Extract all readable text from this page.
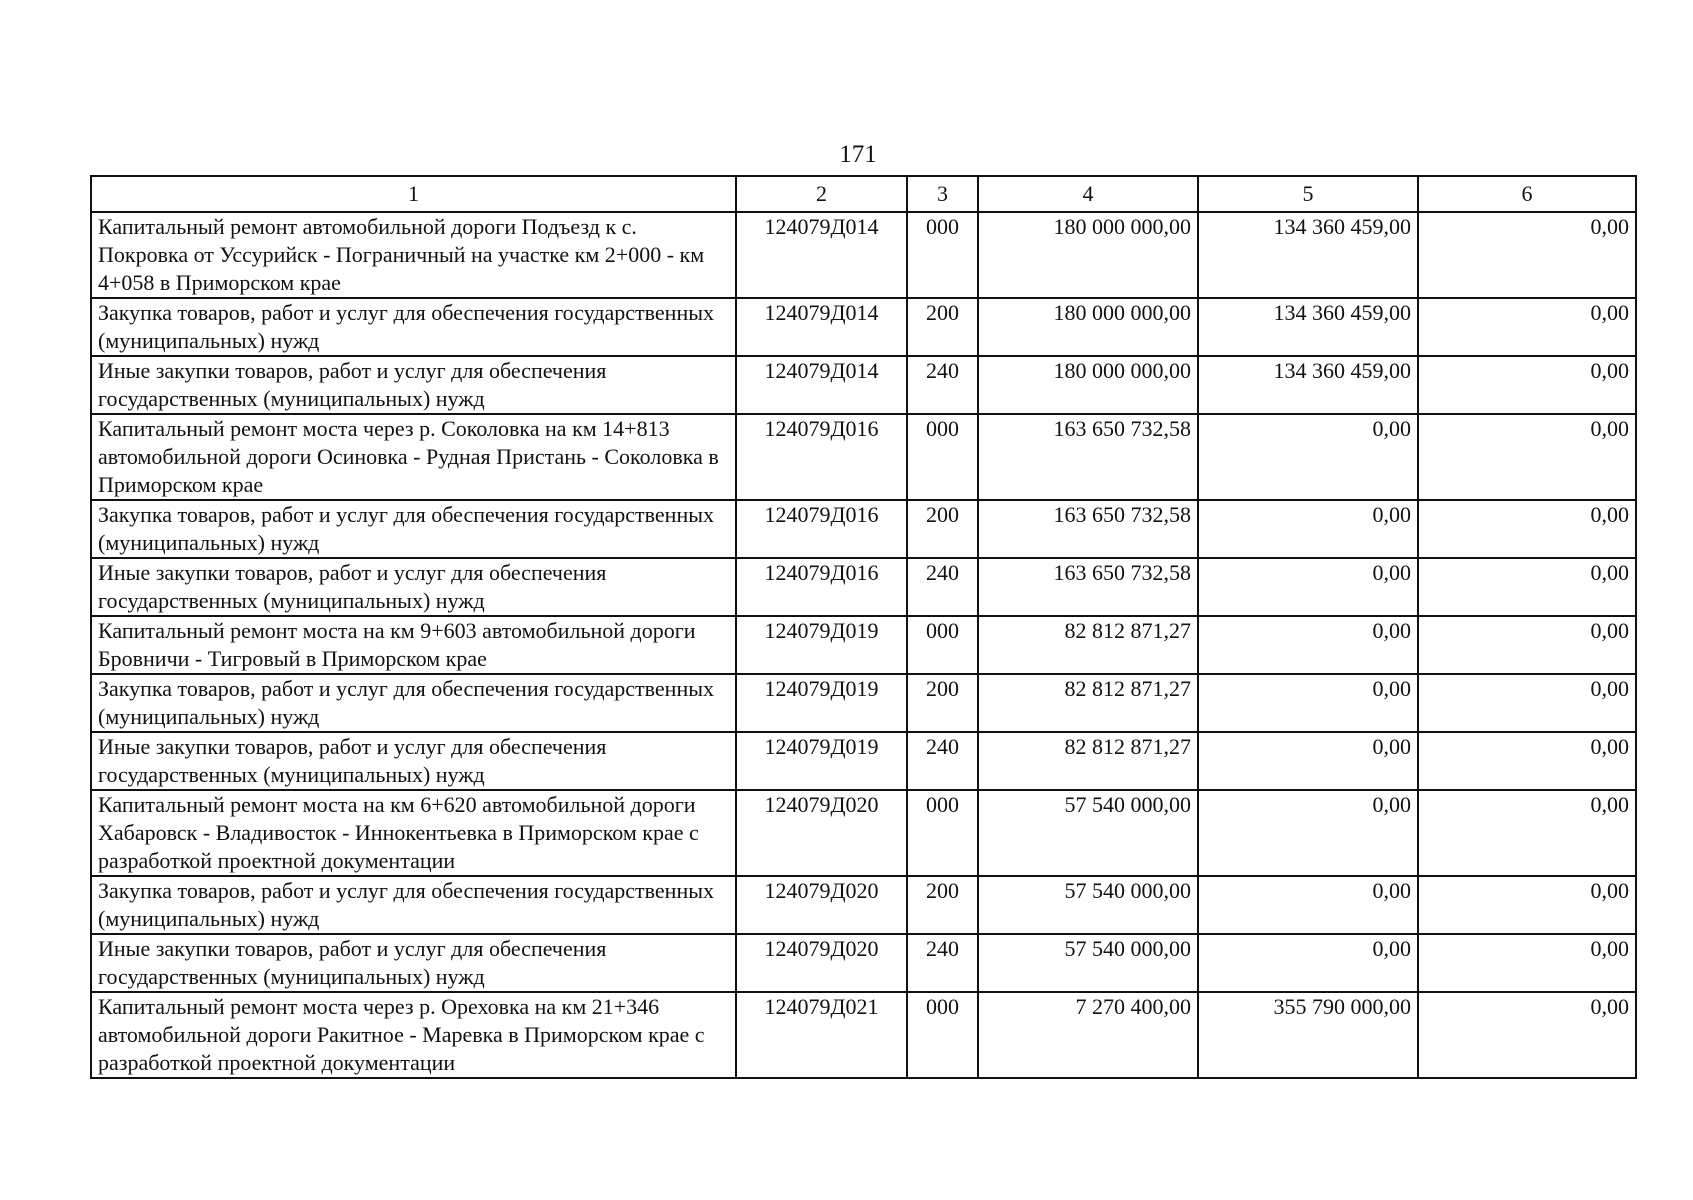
171
1	2	3	4	5	6
Капитальный ремонт автомобильной дороги Подъезд к с. Покровка от Уссурийск - Пограничный на участке км 2+000 - км 4+058 в Приморском крае	124079Д014	000	180 000 000,00	134 360 459,00	0,00
Закупка товаров, работ и услуг для обеспечения государственных (муниципальных) нужд	124079Д014	200	180 000 000,00	134 360 459,00	0,00
Иные закупки товаров, работ и услуг для обеспечения государственных (муниципальных) нужд	124079Д014	240	180 000 000,00	134 360 459,00	0,00
Капитальный ремонт моста через р. Соколовка на км 14+813 автомобильной дороги Осиновка - Рудная Пристань - Соколовка в Приморском крае	124079Д016	000	163 650 732,58	0,00	0,00
Закупка товаров, работ и услуг для обеспечения государственных (муниципальных) нужд	124079Д016	200	163 650 732,58	0,00	0,00
Иные закупки товаров, работ и услуг для обеспечения государственных (муниципальных) нужд	124079Д016	240	163 650 732,58	0,00	0,00
Капитальный ремонт моста на км 9+603 автомобильной дороги Бровничи - Тигровый в Приморском крае	124079Д019	000	82 812 871,27	0,00	0,00
Закупка товаров, работ и услуг для обеспечения государственных (муниципальных) нужд	124079Д019	200	82 812 871,27	0,00	0,00
Иные закупки товаров, работ и услуг для обеспечения государственных (муниципальных) нужд	124079Д019	240	82 812 871,27	0,00	0,00
Капитальный ремонт моста на км 6+620 автомобильной дороги Хабаровск - Владивосток - Иннокентьевка в Приморском крае с разработкой проектной документации	124079Д020	000	57 540 000,00	0,00	0,00
Закупка товаров, работ и услуг для обеспечения государственных (муниципальных) нужд	124079Д020	200	57 540 000,00	0,00	0,00
Иные закупки товаров, работ и услуг для обеспечения государственных (муниципальных) нужд	124079Д020	240	57 540 000,00	0,00	0,00
Капитальный ремонт моста через р. Ореховка на км 21+346 автомобильной дороги Ракитное - Маревка в Приморском крае с разработкой проектной документации	124079Д021	000	7 270 400,00	355 790 000,00	0,00
